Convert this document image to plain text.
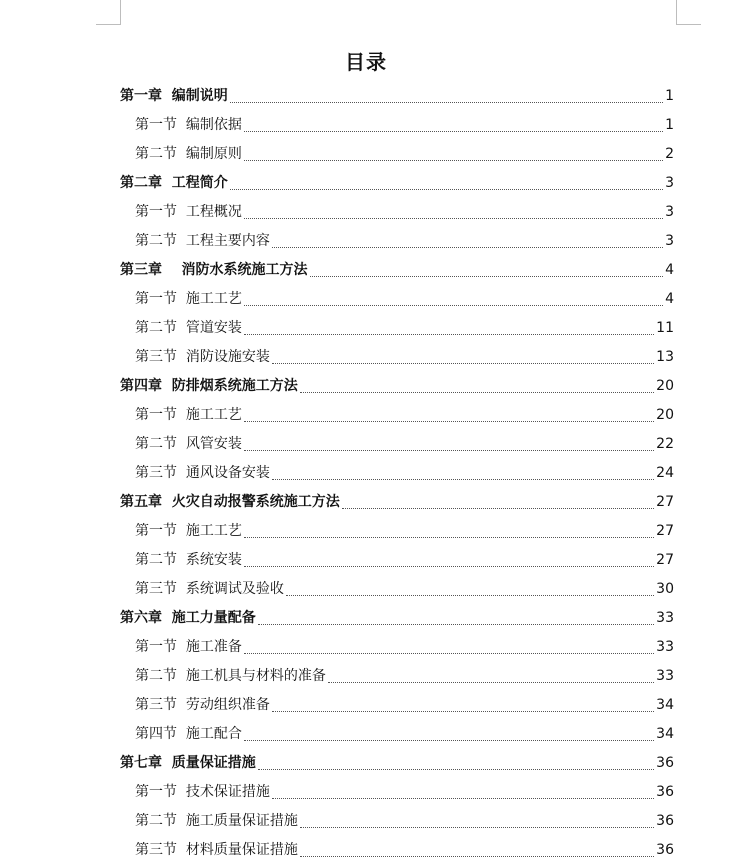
目录
第一章  编制说明	1
第一节  编制依据	1
第二节  编制原则	2
第二章  工程简介	3
第一节  工程概况	3
第二节  工程主要内容	3
第三章    消防水系统施工方法	4
第一节  施工工艺	4
第二节  管道安装	11
第三节  消防设施安装	13
第四章  防排烟系统施工方法	20
第一节  施工工艺	20
第二节  风管安装	22
第三节  通风设备安装	24
第五章  火灾自动报警系统施工方法	27
第一节  施工工艺	27
第二节  系统安装	27
第三节  系统调试及验收	30
第六章  施工力量配备	33
第一节  施工准备	33
第二节  施工机具与材料的准备	33
第三节  劳动组织准备	34
第四节  施工配合	34
第七章  质量保证措施	36
第一节  技术保证措施	36
第二节  施工质量保证措施	36
第三节  材料质量保证措施	36
